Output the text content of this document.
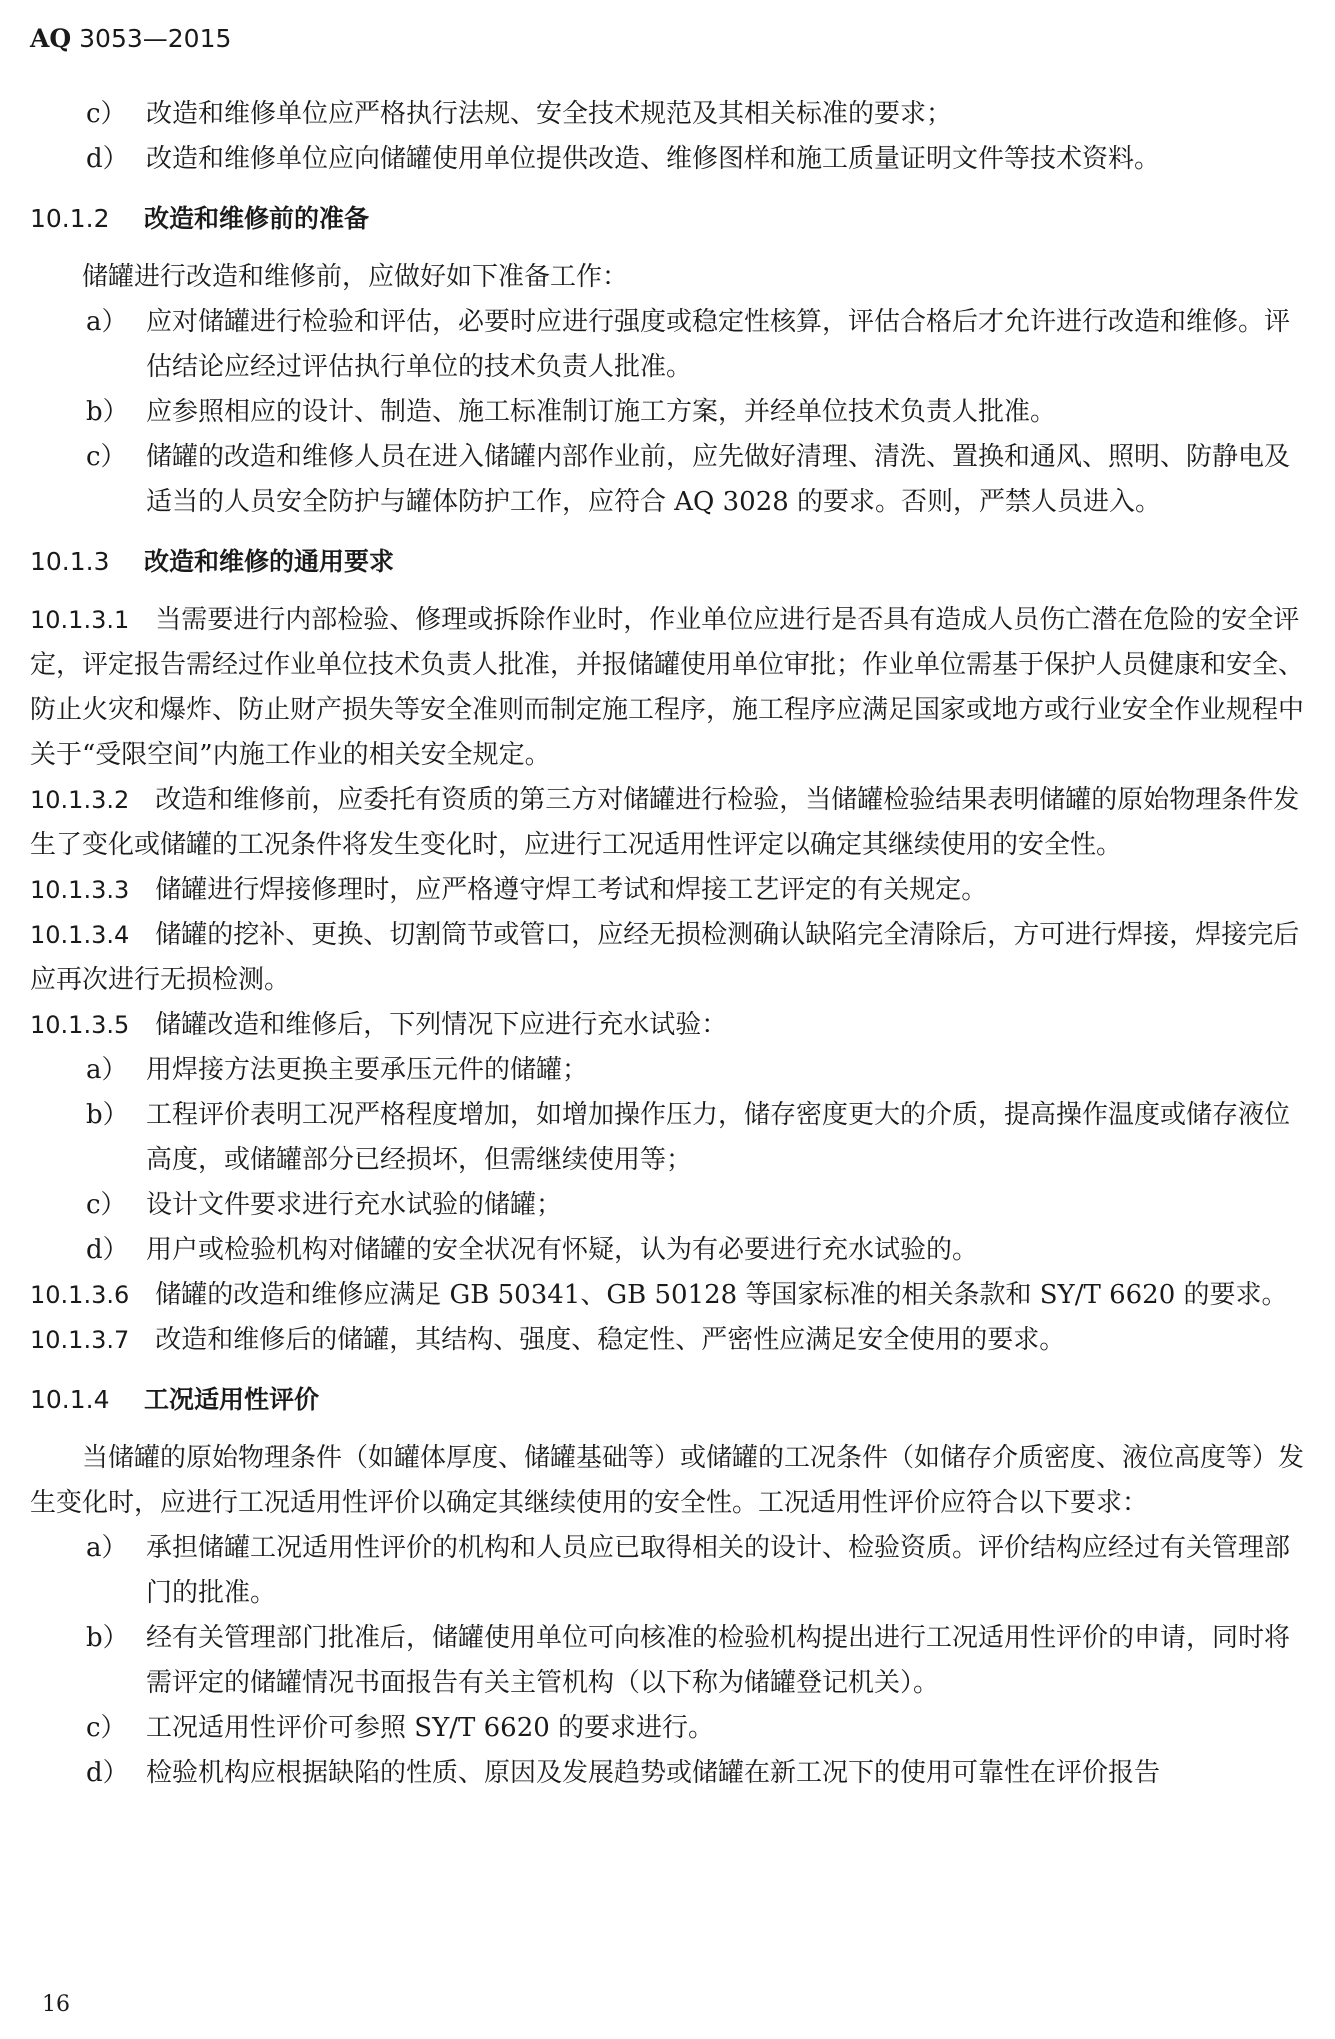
AQ 3053—2015
c） 改造和维修单位应严格执行法规、安全技术规范及其相关标准的要求；
d） 改造和维修单位应向储罐使用单位提供改造、维修图样和施工质量证明文件等技术资料。
10.1.2 改造和维修前的准备
储罐进行改造和维修前，应做好如下准备工作：
a） 应对储罐进行检验和评估，必要时应进行强度或稳定性核算，评估合格后才允许进行改造和维修。评估结论应经过评估执行单位的技术负责人批准。
b） 应参照相应的设计、制造、施工标准制订施工方案，并经单位技术负责人批准。
c） 储罐的改造和维修人员在进入储罐内部作业前，应先做好清理、清洗、置换和通风、照明、防静电及适当的人员安全防护与罐体防护工作，应符合 AQ 3028 的要求。否则，严禁人员进入。
10.1.3 改造和维修的通用要求
10.1.3.1 当需要进行内部检验、修理或拆除作业时，作业单位应进行是否具有造成人员伤亡潜在危险的安全评定，评定报告需经过作业单位技术负责人批准，并报储罐使用单位审批；作业单位需基于保护人员健康和安全、防止火灾和爆炸、防止财产损失等安全准则而制定施工程序，施工程序应满足国家或地方或行业安全作业规程中关于“受限空间”内施工作业的相关安全规定。
10.1.3.2 改造和维修前，应委托有资质的第三方对储罐进行检验，当储罐检验结果表明储罐的原始物理条件发生了变化或储罐的工况条件将发生变化时，应进行工况适用性评定以确定其继续使用的安全性。
10.1.3.3 储罐进行焊接修理时，应严格遵守焊工考试和焊接工艺评定的有关规定。
10.1.3.4 储罐的挖补、更换、切割筒节或管口，应经无损检测确认缺陷完全清除后，方可进行焊接，焊接完后应再次进行无损检测。
10.1.3.5 储罐改造和维修后，下列情况下应进行充水试验：
a） 用焊接方法更换主要承压元件的储罐；
b） 工程评价表明工况严格程度增加，如增加操作压力，储存密度更大的介质，提高操作温度或储存液位高度，或储罐部分已经损坏，但需继续使用等；
c） 设计文件要求进行充水试验的储罐；
d） 用户或检验机构对储罐的安全状况有怀疑，认为有必要进行充水试验的。
10.1.3.6 储罐的改造和维修应满足 GB 50341、GB 50128 等国家标准的相关条款和 SY/T 6620 的要求。
10.1.3.7 改造和维修后的储罐，其结构、强度、稳定性、严密性应满足安全使用的要求。
10.1.4 工况适用性评价
当储罐的原始物理条件（如罐体厚度、储罐基础等）或储罐的工况条件（如储存介质密度、液位高度等）发生变化时，应进行工况适用性评价以确定其继续使用的安全性。工况适用性评价应符合以下要求：
a） 承担储罐工况适用性评价的机构和人员应已取得相关的设计、检验资质。评价结构应经过有关管理部门的批准。
b） 经有关管理部门批准后，储罐使用单位可向核准的检验机构提出进行工况适用性评价的申请，同时将需评定的储罐情况书面报告有关主管机构（以下称为储罐登记机关）。
c） 工况适用性评价可参照 SY/T 6620 的要求进行。
d） 检验机构应根据缺陷的性质、原因及发展趋势或储罐在新工况下的使用可靠性在评价报告
16
